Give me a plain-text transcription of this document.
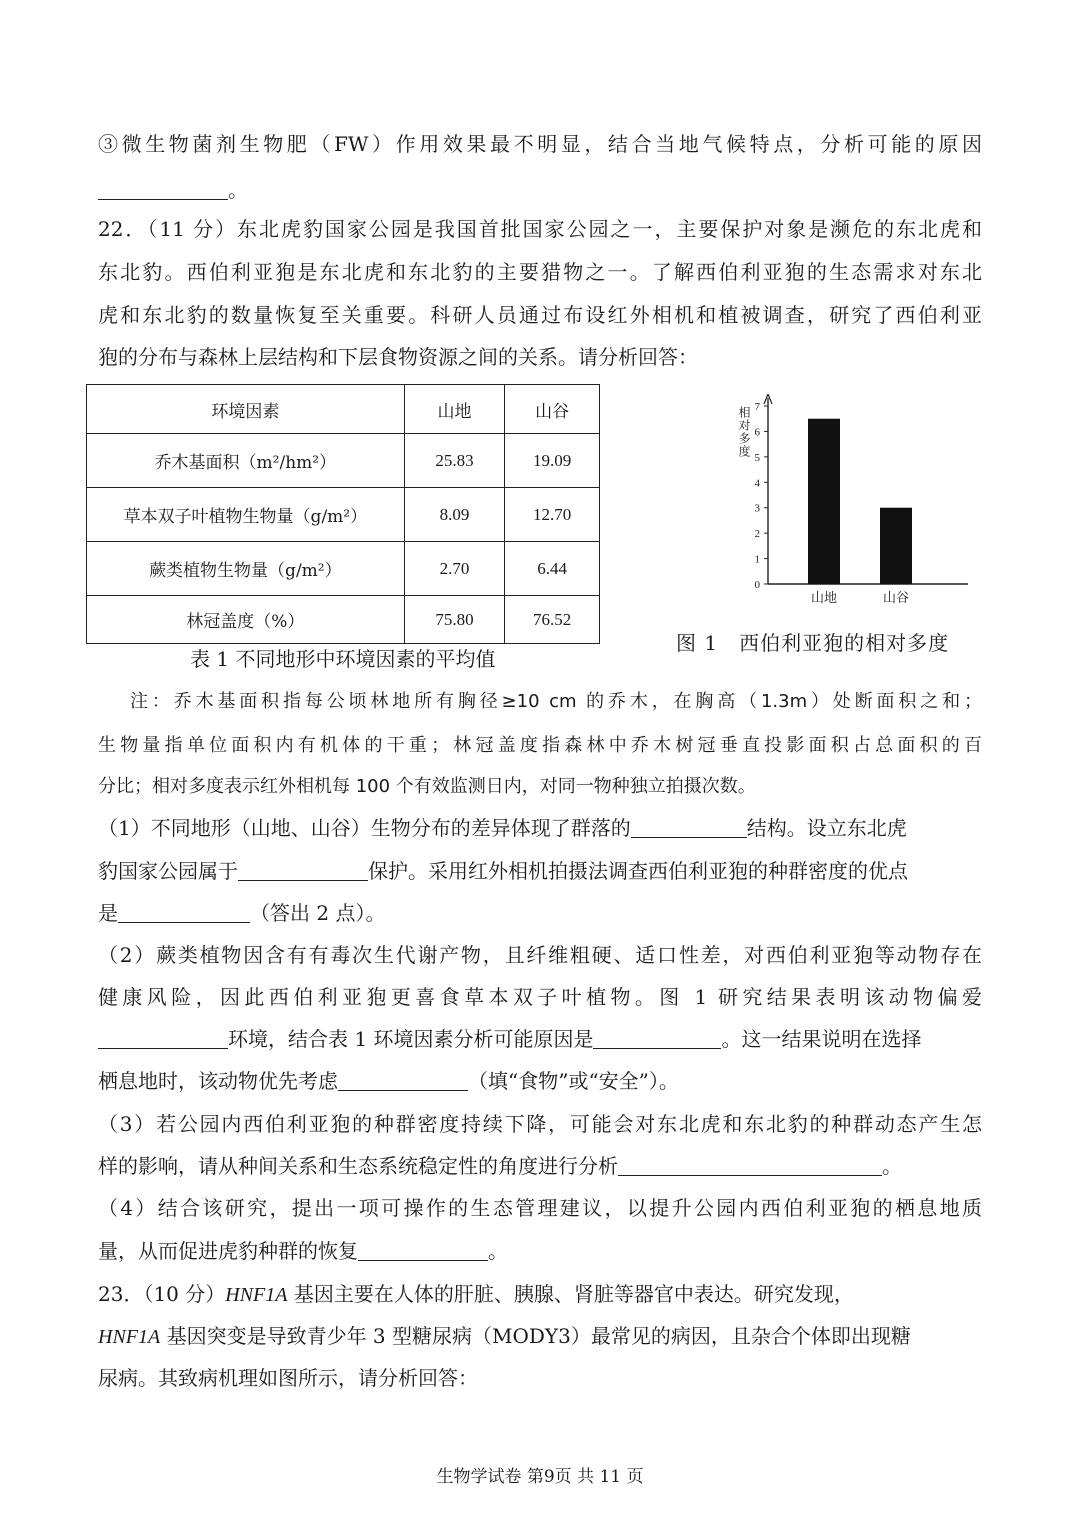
③微生物菌剂生物肥（FW）作用效果最不明显，结合当地气候特点，分析可能的原因
。
22．（11 分）东北虎豹国家公园是我国首批国家公园之一，主要保护对象是濒危的东北虎和
东北豹。西伯利亚狍是东北虎和东北豹的主要猎物之一。了解西伯利亚狍的生态需求对东北
虎和东北豹的数量恢复至关重要。科研人员通过布设红外相机和植被调查，研究了西伯利亚
狍的分布与森林上层结构和下层食物资源之间的关系。请分析回答：
环境因素	山地	山谷
乔木基面积（m²/hm²）	25.83	19.09
草本双子叶植物生物量（g/m²）	8.09	12.70
蕨类植物生物量（g/m²）	2.70	6.44
林冠盖度（%）	75.80	76.52
表 1 不同地形中环境因素的平均值
0
1
2
3
4
5
6
7
相对多度
山地	山谷
图 1　西伯利亚狍的相对多度
注：乔木基面积指每公顷林地所有胸径≥10 cm 的乔木，在胸高（1.3m）处断面积之和；
生物量指单位面积内有机体的干重；林冠盖度指森林中乔木树冠垂直投影面积占总面积的百
分比；相对多度表示红外相机每 100 个有效监测日内，对同一物种独立拍摄次数。
（1）不同地形（山地、山谷）生物分布的差异体现了群落的	结构。设立东北虎
豹国家公园属于	保护。采用红外相机拍摄法调查西伯利亚狍的种群密度的优点
是	（答出 2 点）。
（2）蕨类植物因含有有毒次生代谢产物，且纤维粗硬、适口性差，对西伯利亚狍等动物存在
健康风险，因此西伯利亚狍更喜食草本双子叶植物。图 1 研究结果表明该动物偏爱
环境，结合表 1 环境因素分析可能原因是	。这一结果说明在选择
栖息地时，该动物优先考虑	（填“食物”或“安全”）。
（3）若公园内西伯利亚狍的种群密度持续下降，可能会对东北虎和东北豹的种群动态产生怎
样的影响，请从种间关系和生态系统稳定性的角度进行分析	。
（4）结合该研究，提出一项可操作的生态管理建议，以提升公园内西伯利亚狍的栖息地质
量，从而促进虎豹种群的恢复	。
23．（10 分）HNF1A 基因主要在人体的肝脏、胰腺、肾脏等器官中表达。研究发现，
HNF1A 基因突变是导致青少年 3 型糖尿病（MODY3）最常见的病因，且杂合个体即出现糖
尿病。其致病机理如图所示，请分析回答：
生物学试卷 第9页 共 11 页
